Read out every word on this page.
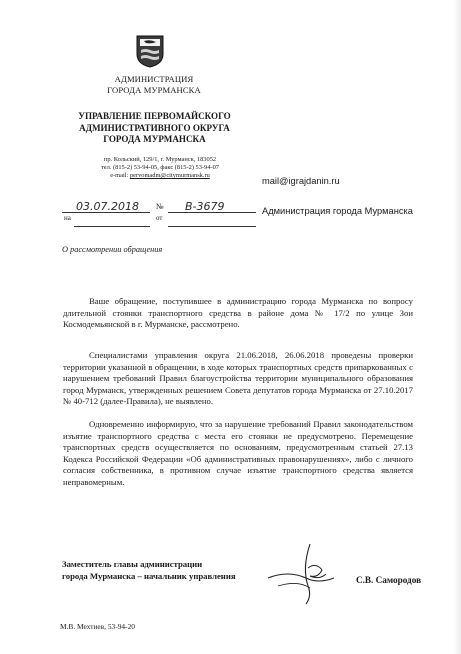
АДМИНИСТРАЦИЯ
ГОРОДА МУРМАНСКА
УПРАВЛЕНИЕ ПЕРВОМАЙСКОГО
АДМИНИСТРАТИВНОГО ОКРУГА
ГОРОДА МУРМАНСКА
пр. Кольский, 129/1, г. Мурманск, 183052
тел. (815-2) 53-94-05, факс (815-2) 53-94-07
e-mail: pervomadm@citymurmansk.ru
mail@igrajdanin.ru
Администрация города Мурманска
03.07.2018 № В-3679
на	от
О рассмотрении обращения
Ваше обращение, поступившее в администрацию города Мурманска по вопросу длительной стоянки транспортного средства в районе дома № 17/2 по улице Зои Космодемьянской в г. Мурманске, рассмотрено.
Специалистами управления округа 21.06.2018, 26.06.2018 проведены проверки территории указанной в обращении, в ходе которых транспортных средств припаркованных с нарушением требований Правил благоустройства территории муниципального образования город Мурманск, утвержденных решением Совета депутатов города Мурманска от 27.10.2017 № 40-712 (далее-Правила), не выявлено.
Одновременно информирую, что за нарушение требований Правил законодательством изъятие транспортного средства с места его стоянки не предусмотрено. Перемещение транспортных средств осуществляется по основаниям, предусмотренным статьей 27.13 Кодекса Российской Федерации «Об административных правонарушениях», либо с личного согласия собственника, в противном случае изъятие транспортного средства является неправомерным.
Заместитель главы администрации
города Мурманска – начальник управления	С.В. Самородов
М.В. Мехтиев, 53-94-20
